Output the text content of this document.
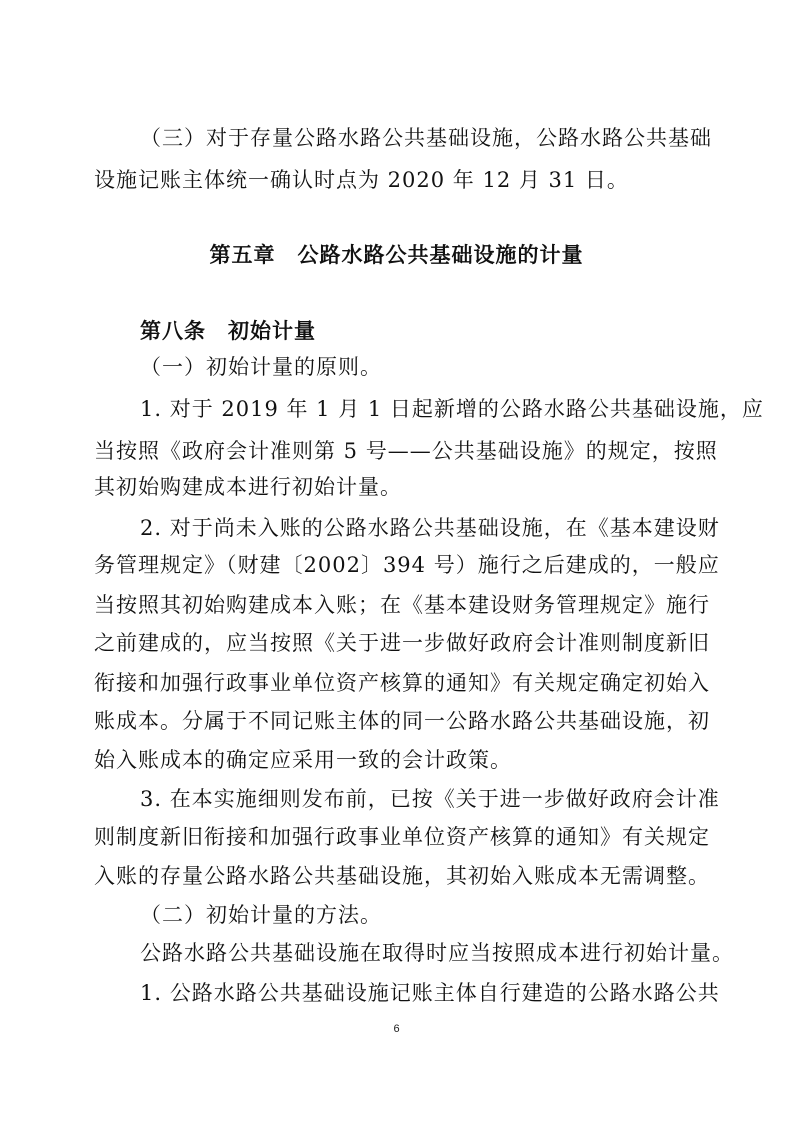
（三）对于存量公路水路公共基础设施，公路水路公共基础
设施记账主体统一确认时点为 2020 年 12 月 31 日。
第五章　公路水路公共基础设施的计量
第八条　初始计量
（一）初始计量的原则。
1. 对于 2019 年 1 月 1 日起新增的公路水路公共基础设施，应
当按照《政府会计准则第 5 号——公共基础设施》的规定，按照
其初始购建成本进行初始计量。
2. 对于尚未入账的公路水路公共基础设施，在《基本建设财
务管理规定》（财建〔2002〕394 号）施行之后建成的，一般应
当按照其初始购建成本入账；在《基本建设财务管理规定》施行
之前建成的，应当按照《关于进一步做好政府会计准则制度新旧
衔接和加强行政事业单位资产核算的通知》有关规定确定初始入
账成本。分属于不同记账主体的同一公路水路公共基础设施，初
始入账成本的确定应采用一致的会计政策。
3. 在本实施细则发布前，已按《关于进一步做好政府会计准
则制度新旧衔接和加强行政事业单位资产核算的通知》有关规定
入账的存量公路水路公共基础设施，其初始入账成本无需调整。
（二）初始计量的方法。
公路水路公共基础设施在取得时应当按照成本进行初始计量。
1. 公路水路公共基础设施记账主体自行建造的公路水路公共
6
